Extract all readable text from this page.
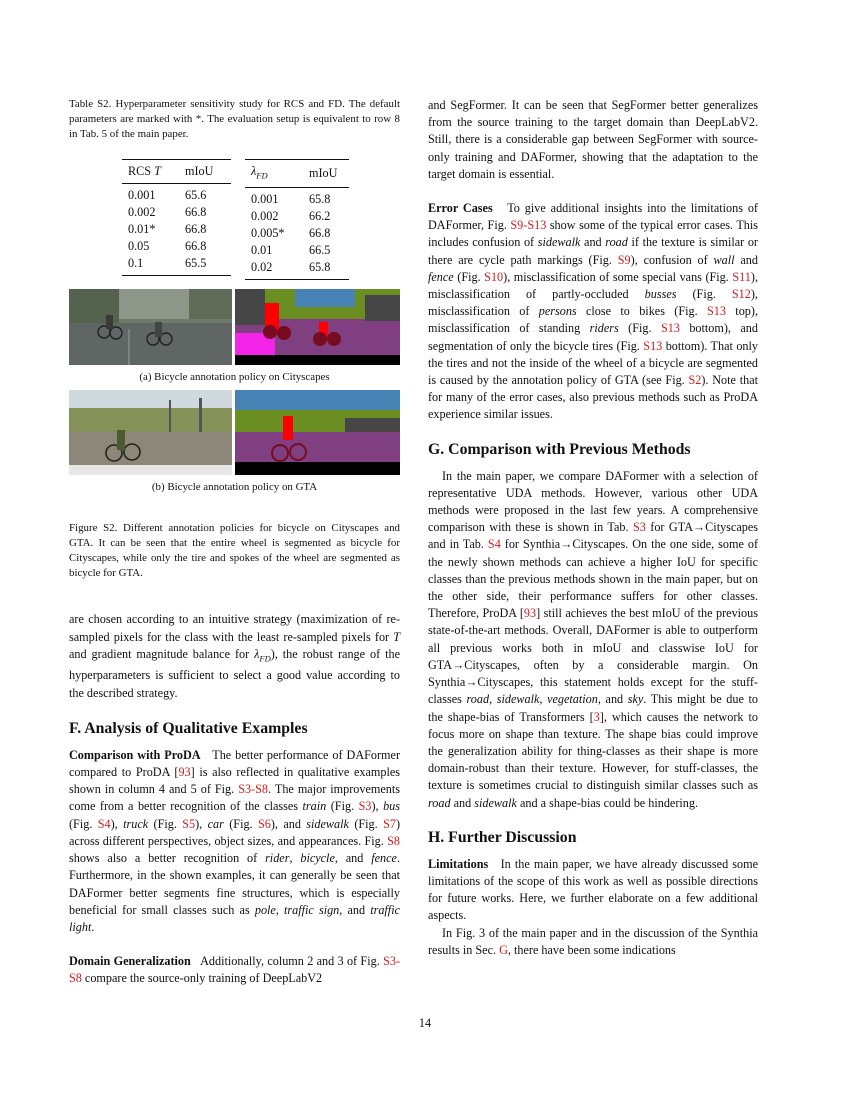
Table S2. Hyperparameter sensitivity study for RCS and FD. The default parameters are marked with *. The evaluation setup is equivalent to row 8 in Tab. 5 of the main paper.

RCS T	mIoU
0.001	65.6
0.002	66.8
0.01*	66.8
0.05	66.8
0.1	65.5
$\lambda_{FD}$	mIoU
0.001	65.8
0.002	66.2
0.005*	66.8
0.01	66.5
0.02	65.8
(a) Bicycle annotation policy on Cityscapes
(b) Bicycle annotation policy on GTA

Figure S2. Different annotation policies for bicycle on Cityscapes and GTA. It can be seen that the entire wheel is segmented as bicycle for Cityscapes, while only the tire and spokes of the wheel are segmented as bicycle for GTA.

are chosen according to an intuitive strategy (maximization of re-sampled pixels for the class with the least re-sampled pixels for T and gradient magnitude balance for $\lambda_{FD}$), the robust range of the hyperparameters is sufficient to select a good value according to the described strategy.

F. Analysis of Qualitative Examples

Comparison with ProDA The better performance of DAFormer compared to ProDA [93] is also reflected in qualitative examples shown in column 4 and 5 of Fig. S3-S8. The major improvements come from a better recognition of the classes train (Fig. S3), bus (Fig. S4), truck (Fig. S5), car (Fig. S6), and sidewalk (Fig. S7) across different perspectives, object sizes, and appearances. Fig. S8 shows also a better recognition of rider, bicycle, and fence. Furthermore, in the shown examples, it can generally be seen that DAFormer better segments fine structures, which is especially beneficial for small classes such as pole, traffic sign, and traffic light.

Domain Generalization Additionally, column 2 and 3 of Fig. S3-S8 compare the source-only training of DeepLabV2

and SegFormer. It can be seen that SegFormer better generalizes from the source training to the target domain than DeepLabV2. Still, there is a considerable gap between SegFormer with source-only training and DAFormer, showing that the adaptation to the target domain is essential.

Error Cases To give additional insights into the limitations of DAFormer, Fig. S9-S13 show some of the typical error cases. This includes confusion of sidewalk and road if the texture is similar or there are cycle path markings (Fig. S9), confusion of wall and fence (Fig. S10), misclassification of some special vans (Fig. S11), misclassification of partly-occluded busses (Fig. S12), misclassification of persons close to bikes (Fig. S13 top), misclassification of standing riders (Fig. S13 bottom), and segmentation of only the bicycle tires (Fig. S13 bottom). That only the tires and not the inside of the wheel of a bicycle are segmented is caused by the annotation policy of GTA (see Fig. S2). Note that for many of the error cases, also previous methods such as ProDA experience similar issues.

G. Comparison with Previous Methods

In the main paper, we compare DAFormer with a selection of representative UDA methods. However, various other UDA methods were proposed in the last few years. A comprehensive comparison with these is shown in Tab. S3 for GTA→Cityscapes and in Tab. S4 for Synthia→Cityscapes. On the one side, some of the newly shown methods can achieve a higher IoU for specific classes than the previous methods shown in the main paper, but on the other side, their performance suffers for other classes. Therefore, ProDA [93] still achieves the best mIoU of the previous state-of-the-art methods. Overall, DAFormer is able to outperform all previous works both in mIoU and classwise IoU for GTA→Cityscapes, often by a considerable margin. On Synthia→Cityscapes, this statement holds except for the stuff-classes road, sidewalk, vegetation, and sky. This might be due to the shape-bias of Transformers [3], which causes the network to focus more on shape than texture. The shape bias could improve the generalization ability for thing-classes as their shape is more domain-robust than their texture. However, for stuff-classes, the texture is sometimes crucial to distinguish similar classes such as road and sidewalk and a shape-bias could be hindering.

H. Further Discussion

Limitations In the main paper, we have already discussed some limitations of the scope of this work as well as possible directions for future works. Here, we further elaborate on a few additional aspects.

In Fig. 3 of the main paper and in the discussion of the Synthia results in Sec. G, there have been some indications

14
